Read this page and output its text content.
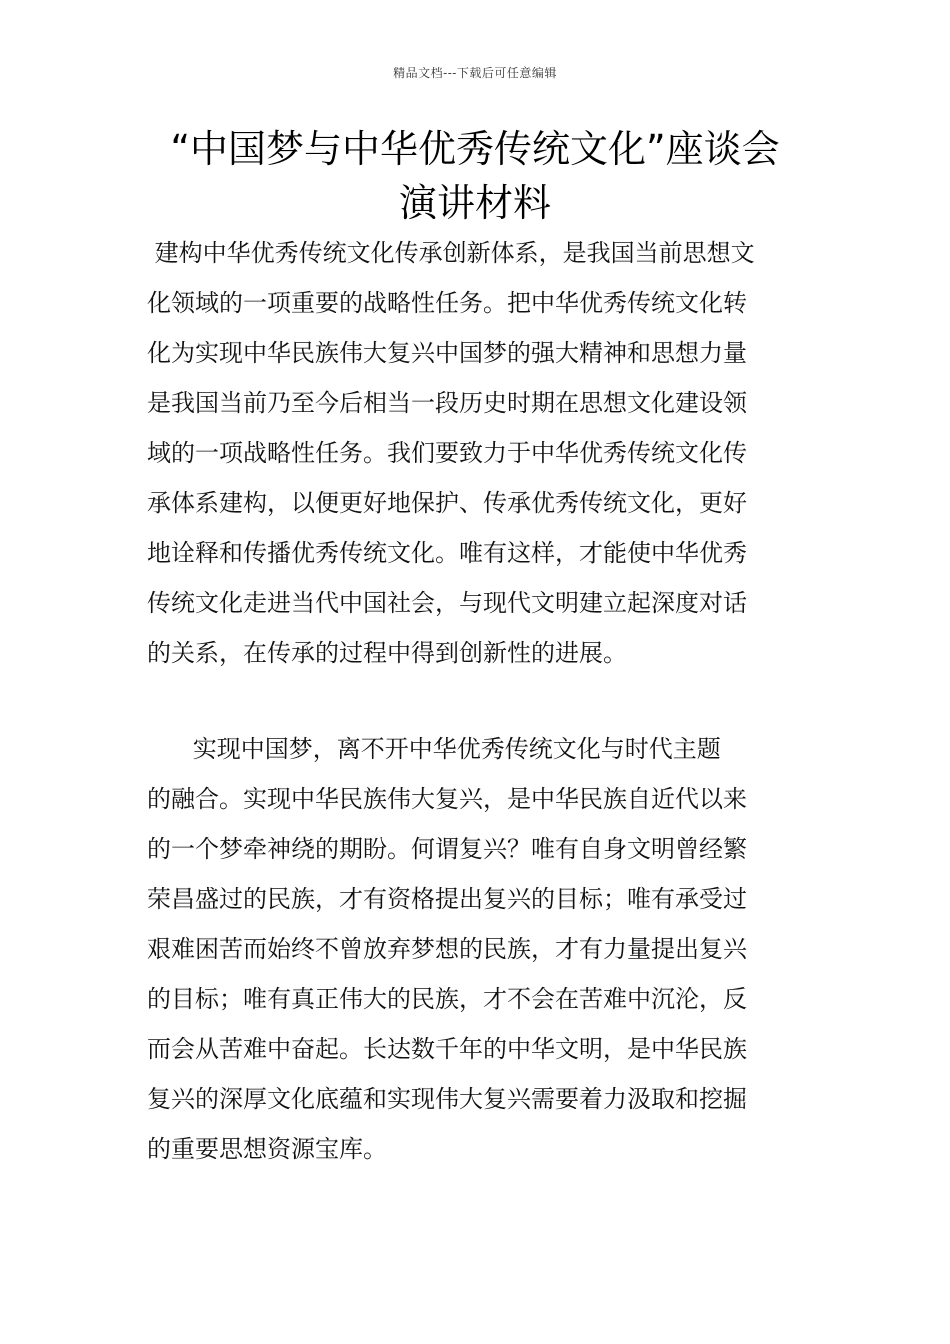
精品文档---下载后可任意编辑
“中国梦与中华优秀传统文化”座谈会
演讲材料
建构中华优秀传统文化传承创新体系，是我国当前思想文
化领域的一项重要的战略性任务。把中华优秀传统文化转
化为实现中华民族伟大复兴中国梦的强大精神和思想力量
是我国当前乃至今后相当一段历史时期在思想文化建设领
域的一项战略性任务。我们要致力于中华优秀传统文化传
承体系建构，以便更好地保护、传承优秀传统文化，更好
地诠释和传播优秀传统文化。唯有这样，才能使中华优秀
传统文化走进当代中国社会，与现代文明建立起深度对话
的关系，在传承的过程中得到创新性的进展。
实现中国梦，离不开中华优秀传统文化与时代主题
的融合。实现中华民族伟大复兴，是中华民族自近代以来
的一个梦牵神绕的期盼。何谓复兴？唯有自身文明曾经繁
荣昌盛过的民族，才有资格提出复兴的目标；唯有承受过
艰难困苦而始终不曾放弃梦想的民族，才有力量提出复兴
的目标；唯有真正伟大的民族，才不会在苦难中沉沦，反
而会从苦难中奋起。长达数千年的中华文明，是中华民族
复兴的深厚文化底蕴和实现伟大复兴需要着力汲取和挖掘
的重要思想资源宝库。
